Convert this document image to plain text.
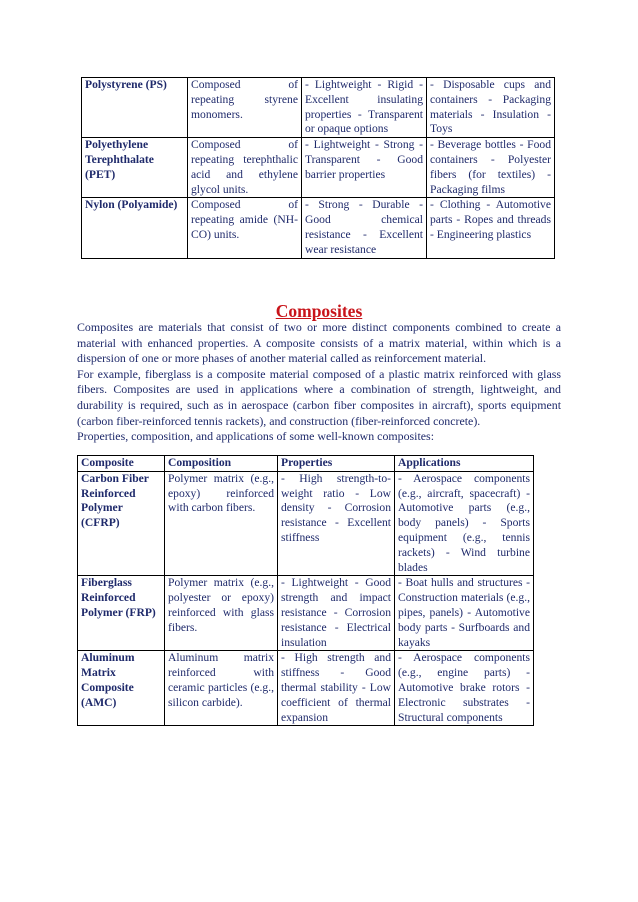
Polystyrene (PS)	Composed of repeating styrene monomers.	- Lightweight - Rigid - Excellent insulating properties - Transparent or opaque options	- Disposable cups and containers - Packaging materials - Insulation - Toys
Polyethylene Terephthalate (PET)	Composed of repeating terephthalic acid and ethylene glycol units.	- Lightweight - Strong - Transparent - Good barrier properties	- Beverage bottles - Food containers - Polyester fibers (for textiles) - Packaging films
Nylon (Polyamide)	Composed of repeating amide (NH-CO) units.	- Strong - Durable - Good chemical resistance - Excellent wear resistance	- Clothing - Automotive parts - Ropes and threads - Engineering plastics
Composites

Composites are materials that consist of two or more distinct components combined to create a material with enhanced properties. A composite consists of a matrix material, within which is a dispersion of one or more phases of another material called as reinforcement material.

For example, fiberglass is a composite material composed of a plastic matrix reinforced with glass fibers. Composites are used in applications where a combination of strength, lightweight, and durability is required, such as in aerospace (carbon fiber composites in aircraft), sports equipment (carbon fiber-reinforced tennis rackets), and construction (fiber-reinforced concrete).

Properties, composition, and applications of some well-known composites:

Composite	Composition	Properties	Applications
Carbon Fiber Reinforced Polymer (CFRP)	Polymer matrix (e.g., epoxy) reinforced with carbon fibers.	- High strength-to-weight ratio - Low density - Corrosion resistance - Excellent stiffness	- Aerospace components (e.g., aircraft, spacecraft) - Automotive parts (e.g., body panels) - Sports equipment (e.g., tennis rackets) - Wind turbine blades
Fiberglass Reinforced Polymer (FRP)	Polymer matrix (e.g., polyester or epoxy) reinforced with glass fibers.	- Lightweight - Good strength and impact resistance - Corrosion resistance - Electrical insulation	- Boat hulls and structures - Construction materials (e.g., pipes, panels) - Automotive body parts - Surfboards and kayaks
Aluminum Matrix Composite (AMC)	Aluminum matrix reinforced with ceramic particles (e.g., silicon carbide).	- High strength and stiffness - Good thermal stability - Low coefficient of thermal expansion	- Aerospace components (e.g., engine parts) - Automotive brake rotors - Electronic substrates - Structural components
